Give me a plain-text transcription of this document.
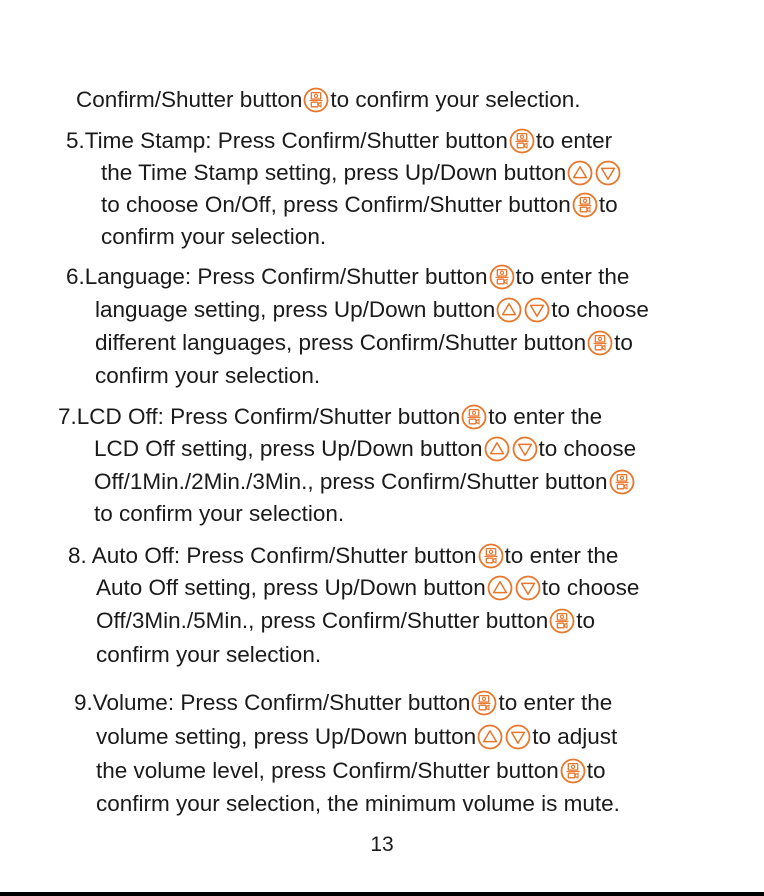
Confirm/Shutter button to confirm your selection.
5.Time Stamp: Press Confirm/Shutter button to enter
the Time Stamp setting, press Up/Down button
to choose On/Off, press Confirm/Shutter button to
confirm your selection.
6.Language: Press Confirm/Shutter button to enter the
language setting, press Up/Down button to choose
different languages, press Confirm/Shutter button to
confirm your selection.
7.LCD Off: Press Confirm/Shutter button to enter the
LCD Off setting, press Up/Down button to choose
Off/1Min./2Min./3Min., press Confirm/Shutter button
to confirm your selection.
8. Auto Off: Press Confirm/Shutter button to enter the
Auto Off setting, press Up/Down button to choose
Off/3Min./5Min., press Confirm/Shutter button to
confirm your selection.
9.Volume: Press Confirm/Shutter button to enter the
volume setting, press Up/Down button to adjust
the volume level, press Confirm/Shutter button to
confirm your selection, the minimum volume is mute.
13
